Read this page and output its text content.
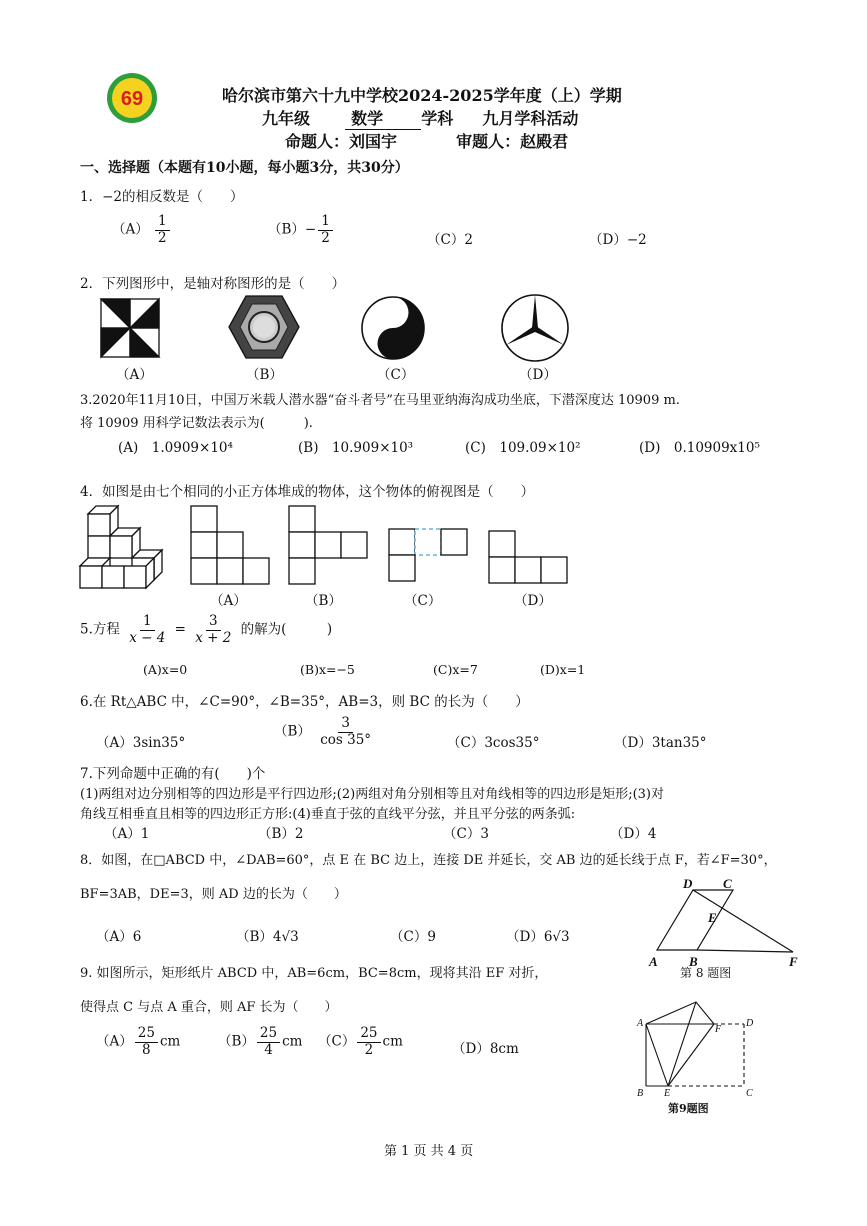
69	哈尔滨市第六十九中学校2024-2025学年度（上）学期
九年级	数学 学科 九月学科活动
命题人：刘国宇	审题人：赵殿君
一、选择题（本题有10小题，每小题3分，共30分）
1．−2的相反数是（　　）
$(A) \frac{1}{2}$	$(B)- \frac{1}{2}$	（C）2	（D）−2
2．下列图形中，是轴对称图形的是（　　）
（A）	（B）	（C）	（D）
3.2020年11月10日，中国万米载人潜水器“奋斗者号”在马里亚纳海沟成功坐底，下潜深度达 10909 m.
将 10909 用科学记数法表示为(　　　).
(A)　1.0909×10⁴	(B)　10.909×10³	(C)　109.09×10²	(D)　0.10909x10⁵
4．如图是由七个相同的小正方体堆成的物体，这个物体的俯视图是（　　）
（A）	（B）	（C）	（D）
5.方程 $\frac{1}{x - 4} = \frac{3}{x + 2}$ 的解为(　　　)
(A)x=0	(B)x=−5	(C)x=7	(D)x=1
6.在 Rt△ABC 中，∠C=90°，∠B=35°，AB=3，则 BC 的长为（　　）
（A）3sin35°
$(B) \frac{3}{\cos 35^\circ}$	（C）3cos35°	（D）3tan35°
7.下列命题中正确的有(　　)个
(1)两组对边分别相等的四边形是平行四边形;(2)两组对角分别相等且对角线相等的四边形是矩形;(3)对
角线互相垂直且相等的四边形正方形:(4)垂直于弦的直线平分弦，并且平分弦的两条弧:
（A）1	（B）2	（C）3	（D）4
8．如图，在□ABCD 中，∠DAB=60°，点 E 在 BC 边上，连接 DE 并延长，交 AB 边的延长线于点 F，若∠F=30°，
BF=3AB，DE=3，则 AD 边的长为（　　）
（A）6	（B）4√3	（C）9	（D）6√3
D C
E
A B	F
第 8 题图
9. 如图所示，矩形纸片 ABCD 中，AB=6cm，BC=8cm，现将其沿 EF 对折，
使得点 C 与点 A 重合，则 AF 长为（　　）
$(A) \frac{25}{8}$ cm	$(B) \frac{25}{4}$ cm $(C) \frac{25}{2}$ cm	（D）8cm
A
F
D
B E	C
第9题图
第 1 页 共 4 页
